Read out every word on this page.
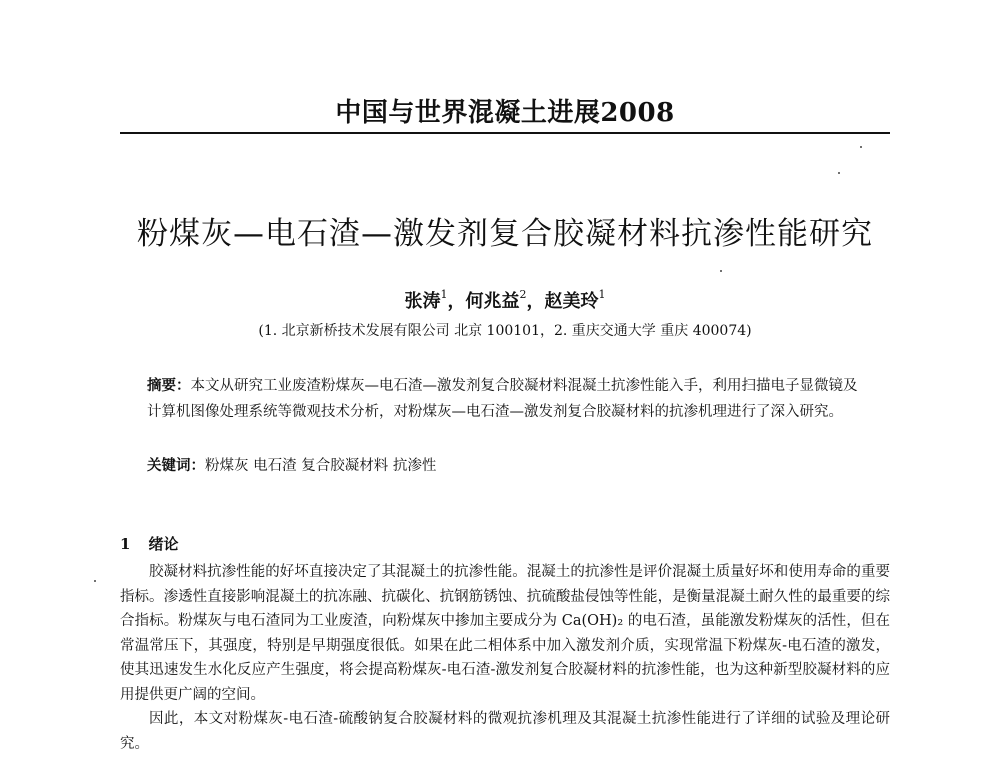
中国与世界混凝土进展2008
粉煤灰—电石渣—激发剂复合胶凝材料抗渗性能研究
张涛$^1$，何兆益$^2$，赵美玲$^1$
(1. 北京新桥技术发展有限公司 北京 100101，2. 重庆交通大学 重庆 400074)
摘要：本文从研究工业废渣粉煤灰—电石渣—激发剂复合胶凝材料混凝土抗渗性能入手，利用扫描电子显微镜及计算机图像处理系统等微观技术分析，对粉煤灰—电石渣—激发剂复合胶凝材料的抗渗机理进行了深入研究。
关键词：粉煤灰 电石渣 复合胶凝材料 抗渗性
1 绪论

胶凝材料抗渗性能的好坏直接决定了其混凝土的抗渗性能。混凝土的抗渗性是评价混凝土质量好坏和使用寿命的重要指标。渗透性直接影响混凝土的抗冻融、抗碳化、抗钢筋锈蚀、抗硫酸盐侵蚀等性能，是衡量混凝土耐久性的最重要的综合指标。粉煤灰与电石渣同为工业废渣，向粉煤灰中掺加主要成分为 Ca(OH)₂ 的电石渣，虽能激发粉煤灰的活性，但在常温常压下，其强度，特别是早期强度很低。如果在此二相体系中加入激发剂介质，实现常温下粉煤灰-电石渣的激发，使其迅速发生水化反应产生强度，将会提高粉煤灰-电石渣-激发剂复合胶凝材料的抗渗性能，也为这种新型胶凝材料的应用提供更广阔的空间。

因此，本文对粉煤灰-电石渣-硫酸钠复合胶凝材料的微观抗渗机理及其混凝土抗渗性能进行了详细的试验及理论研究。
